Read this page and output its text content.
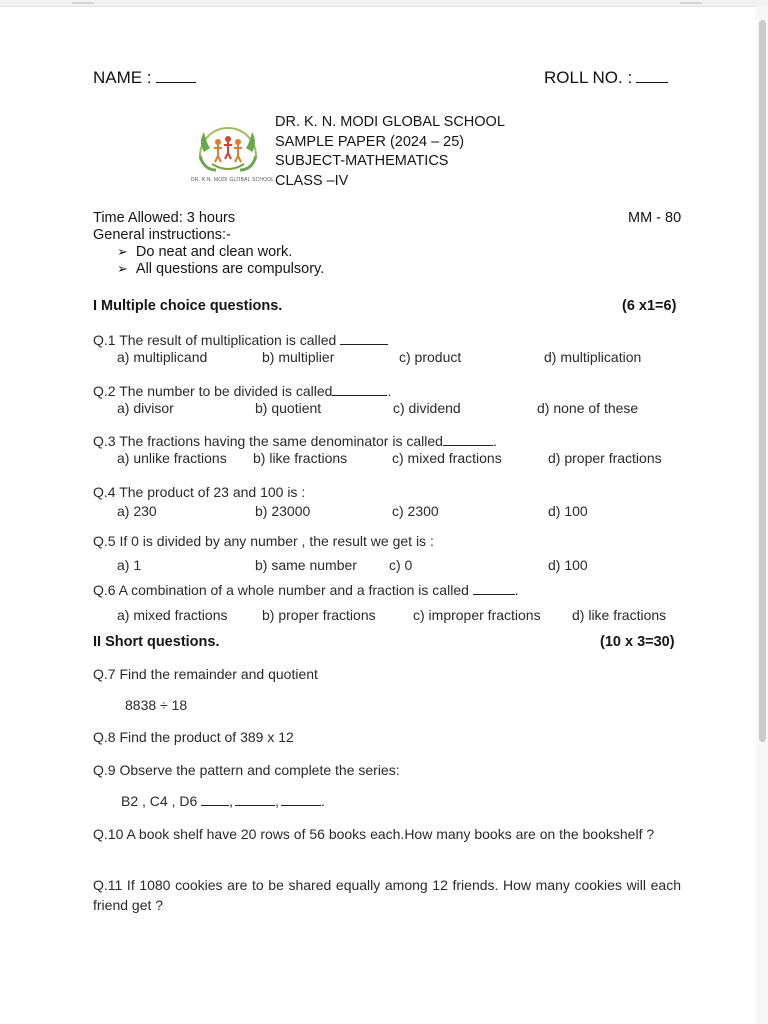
NAME :	ROLL NO. :
DR. K.N. MODI GLOBAL SCHOOL
DR. K. N. MODI GLOBAL SCHOOL
SAMPLE PAPER (2024 – 25)
SUBJECT-MATHEMATICS
CLASS –IV
Time Allowed: 3 hours	MM - 80
General instructions:-
➢ Do neat and clean work.
➢ All questions are compulsory.
I Multiple choice questions.	(6 x1=6)
Q.1 The result of multiplication is called
a) multiplicand	b) multiplier	c) product	d) multiplication
Q.2 The number to be divided is called	.
a) divisor	b) quotient	c) dividend	d) none of these
Q.3 The fractions having the same denominator is called	.
a) unlike fractions b) like fractions	c) mixed fractions	d) proper fractions
Q.4 The product of 23 and 100 is :
a) 230	b) 23000	c) 2300	d) 100
Q.5 If 0 is divided by any number , the result we get is :
a) 1	b) same number c) 0	d) 100
Q.6 A combination of a whole number and a fraction is called	.
a) mixed fractions b) proper fractions	c) improper fractions d) like fractions
II Short questions.	(10 x 3=30)
Q.7 Find the remainder and quotient
8838 ÷ 18
Q.8 Find the product of 389 x 12
Q.9 Observe the pattern and complete the series:
B2 , C4 , D6 ,	,	.
Q.10 A book shelf have 20 rows of 56 books each.How many books are on the bookshelf ?
Q.11 If 1080 cookies are to be shared equally among 12 friends. How many cookies will each friend get ?
